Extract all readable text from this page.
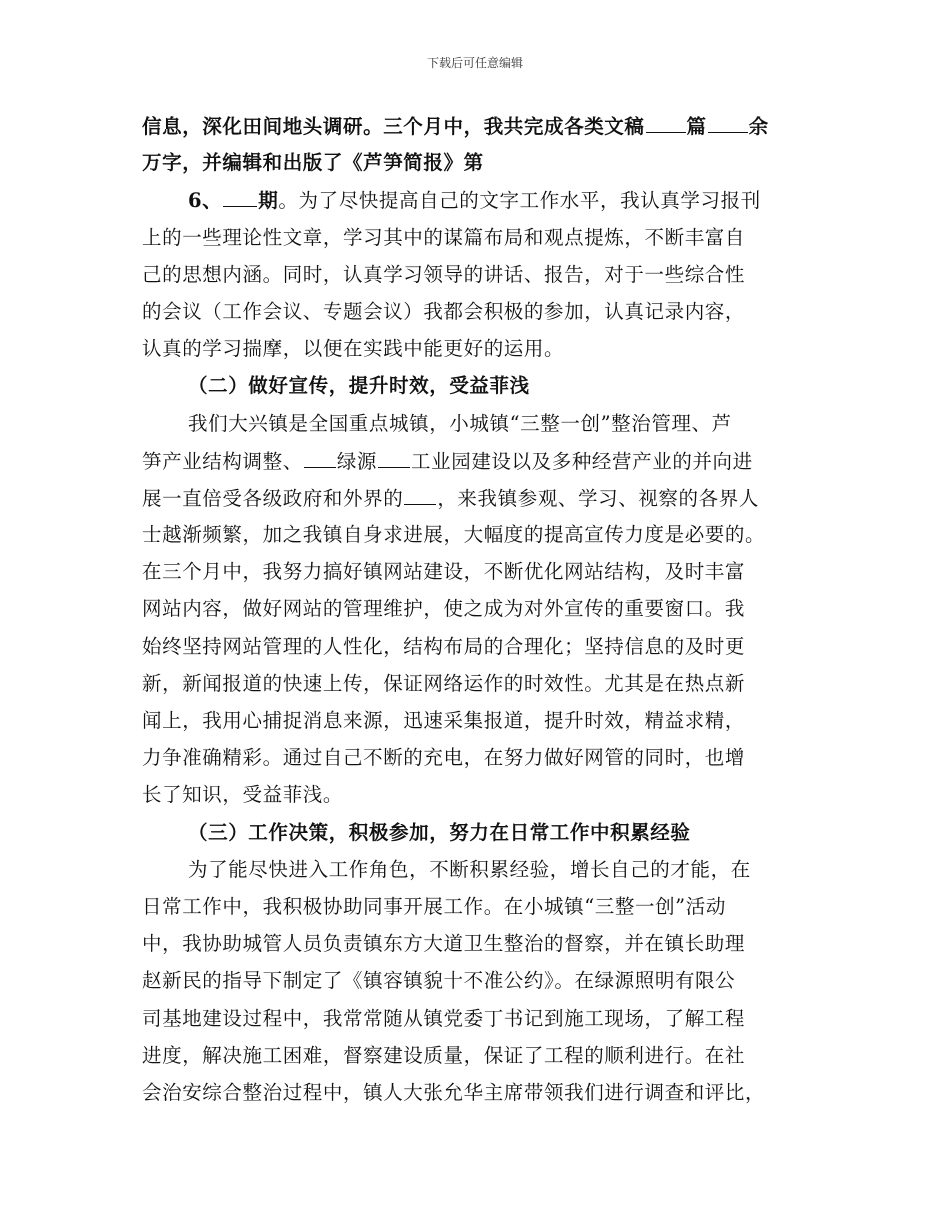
下载后可任意编辑
信息，深化田间地头调研。三个月中，我共完成各类文稿 篇 余
万字，并编辑和出版了《芦笋简报》第
6、 期。为了尽快提高自己的文字工作水平，我认真学习报刊
上的一些理论性文章，学习其中的谋篇布局和观点提炼，不断丰富自
己的思想内涵。同时，认真学习领导的讲话、报告，对于一些综合性
的会议（工作会议、专题会议）我都会积极的参加，认真记录内容，
认真的学习揣摩，以便在实践中能更好的运用。
（二）做好宣传，提升时效，受益菲浅
我们大兴镇是全国重点城镇，小城镇“三整一创”整治管理、芦
笋产业结构调整、 绿源 工业园建设以及多种经营产业的并向进
展一直倍受各级政府和外界的 ，来我镇参观、学习、视察的各界人
士越渐频繁，加之我镇自身求进展，大幅度的提高宣传力度是必要的。
在三个月中，我努力搞好镇网站建设，不断优化网站结构，及时丰富
网站内容，做好网站的管理维护，使之成为对外宣传的重要窗口。我
始终坚持网站管理的人性化，结构布局的合理化；坚持信息的及时更
新，新闻报道的快速上传，保证网络运作的时效性。尤其是在热点新
闻上，我用心捕捉消息来源，迅速采集报道，提升时效，精益求精，
力争准确精彩。通过自己不断的充电，在努力做好网管的同时，也增
长了知识，受益菲浅。
（三）工作决策，积极参加，努力在日常工作中积累经验
为了能尽快进入工作角色，不断积累经验，增长自己的才能，在
日常工作中，我积极协助同事开展工作。在小城镇“三整一创”活动
中，我协助城管人员负责镇东方大道卫生整治的督察，并在镇长助理
赵新民的指导下制定了《镇容镇貌十不准公约》。在绿源照明有限公
司基地建设过程中，我常常随从镇党委丁书记到施工现场，了解工程
进度，解决施工困难，督察建设质量，保证了工程的顺利进行。在社
会治安综合整治过程中，镇人大张允华主席带领我们进行调查和评比，
